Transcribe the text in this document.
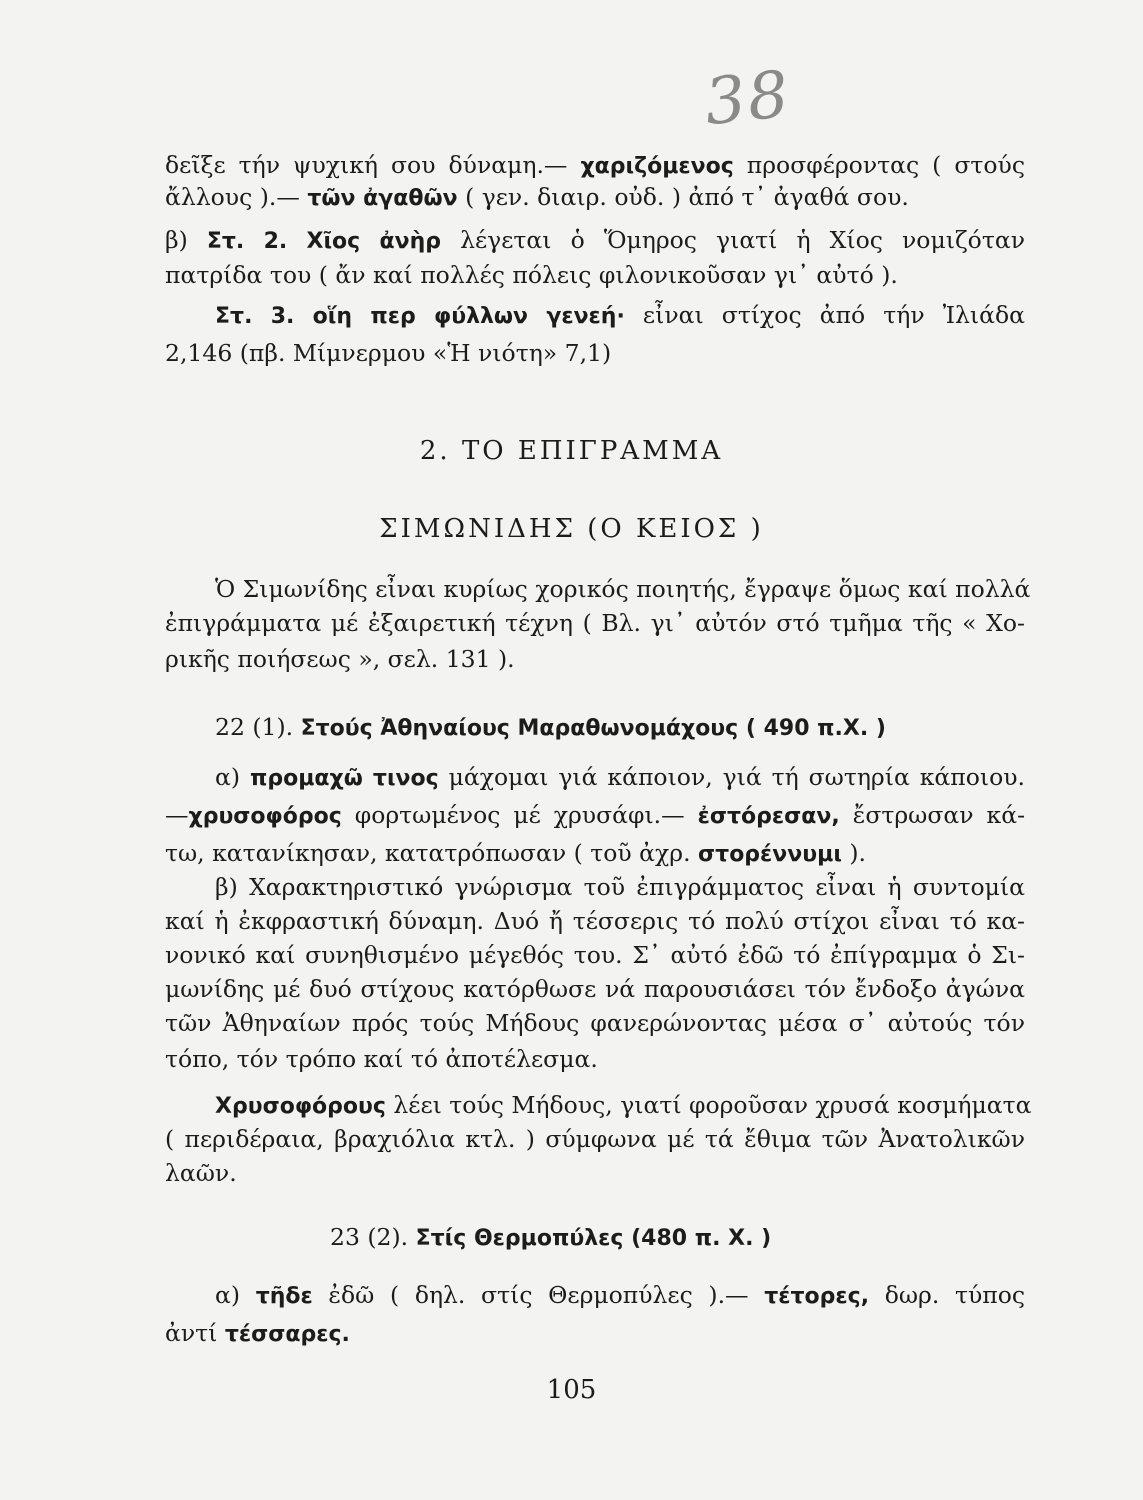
38
δεῖξε τήν ψυχική σου δύναμη.— χαριζόμενος προσφέροντας ( στούς
ἄλλους ).— τῶν ἀγαθῶν ( γεν. διαιρ. οὐδ. ) ἀπό τ᾽ ἀγαθά σου.
β) Στ. 2. Χῖος ἀνὴρ λέγεται ὁ Ὅμηρος γιατί ἡ Χίος νομιζόταν
πατρίδα του ( ἄν καί πολλές πόλεις φιλονικοῦσαν γι᾽ αὐτό ).
Στ. 3. οἵη περ φύλλων γενεή· εἶναι στίχος ἀπό τήν Ἰλιάδα
2,146 (πβ. Μίμνερμου «Ἡ νιότη» 7,1)
2. ΤΟ ΕΠΙΓΡΑΜΜΑ
ΣΙΜΩΝΙΔΗΣ (Ο ΚΕΙΟΣ )
Ὁ Σιμωνίδης εἶναι κυρίως χορικός ποιητής, ἔγραψε ὅμως καί πολλά
ἐπιγράμματα μέ ἐξαιρετική τέχνη ( Βλ. γι᾽ αὐτόν στό τμῆμα τῆς « Χο-
ρικῆς ποιήσεως », σελ. 131 ).
22 (1). Στούς Ἀθηναίους Μαραθωνομάχους ( 490 π.Χ. )
α) προμαχῶ τινος μάχομαι γιά κάποιον, γιά τή σωτηρία κάποιου.
—χρυσοφόρος φορτωμένος μέ χρυσάφι.— ἐστόρεσαν, ἔστρωσαν κά-
τω, κατανίκησαν, κατατρόπωσαν ( τοῦ ἀχρ. στορέννυμι ).
β) Χαρακτηριστικό γνώρισμα τοῦ ἐπιγράμματος εἶναι ἡ συντομία
καί ἡ ἐκφραστική δύναμη. Δυό ἤ τέσσερις τό πολύ στίχοι εἶναι τό κα-
νονικό καί συνηθισμένο μέγεθός του. Σ᾽ αὐτό ἐδῶ τό ἐπίγραμμα ὁ Σι-
μωνίδης μέ δυό στίχους κατόρθωσε νά παρουσιάσει τόν ἔνδοξο ἀγώνα
τῶν Ἀθηναίων πρός τούς Μήδους φανερώνοντας μέσα σ᾽ αὐτούς τόν
τόπο, τόν τρόπο καί τό ἀποτέλεσμα.
Χρυσοφόρους λέει τούς Μήδους, γιατί φοροῦσαν χρυσά κοσμήματα
( περιδέραια, βραχιόλια κτλ. ) σύμφωνα μέ τά ἔθιμα τῶν Ἀνατολικῶν
λαῶν.
23 (2). Στίς Θερμοπύλες (480 π. Χ. )
α) τῆδε ἐδῶ ( δηλ. στίς Θερμοπύλες ).— τέτορες, δωρ. τύπος
ἀντί τέσσαρες.
105
